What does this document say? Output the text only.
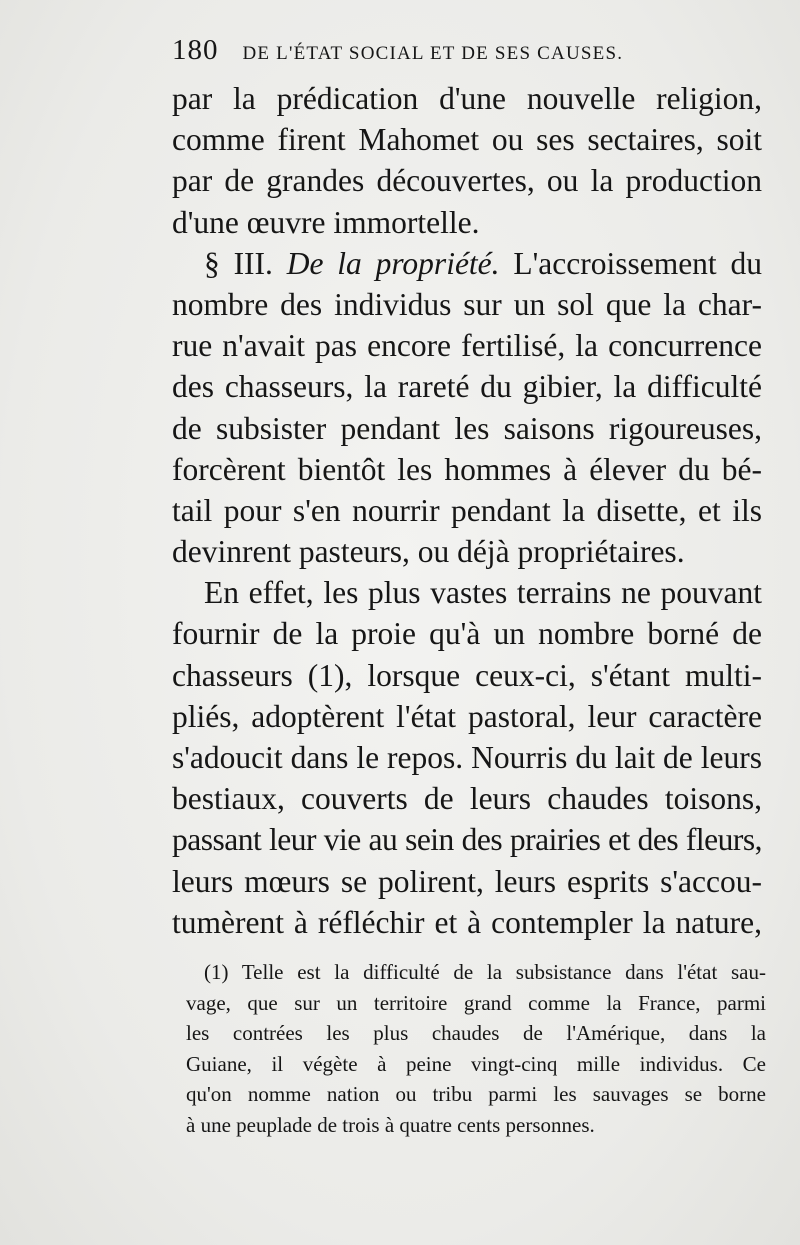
180 DE L'ÉTAT SOCIAL ET DE SES CAUSES.
par la prédication d'une nouvelle religion,
comme firent Mahomet ou ses sectaires, soit
par de grandes découvertes, ou la production
d'une œuvre immortelle.
§ III. De la propriété. L'accroissement du
nombre des individus sur un sol que la char-
rue n'avait pas encore fertilisé, la concurrence
des chasseurs, la rareté du gibier, la difficulté
de subsister pendant les saisons rigoureuses,
forcèrent bientôt les hommes à élever du bé-
tail pour s'en nourrir pendant la disette, et ils
devinrent pasteurs, ou déjà propriétaires.
En effet, les plus vastes terrains ne pouvant
fournir de la proie qu'à un nombre borné de
chasseurs (1), lorsque ceux-ci, s'étant multi-
pliés, adoptèrent l'état pastoral, leur caractère
s'adoucit dans le repos. Nourris du lait de leurs
bestiaux, couverts de leurs chaudes toisons,
passant leur vie au sein des prairies et des fleurs,
leurs mœurs se polirent, leurs esprits s'accou-
tumèrent à réfléchir et à contempler la nature,
(1) Telle est la difficulté de la subsistance dans l'état sau-
vage, que sur un territoire grand comme la France, parmi
les contrées les plus chaudes de l'Amérique, dans la
Guiane, il végète à peine vingt-cinq mille individus. Ce
qu'on nomme nation ou tribu parmi les sauvages se borne
à une peuplade de trois à quatre cents personnes.
